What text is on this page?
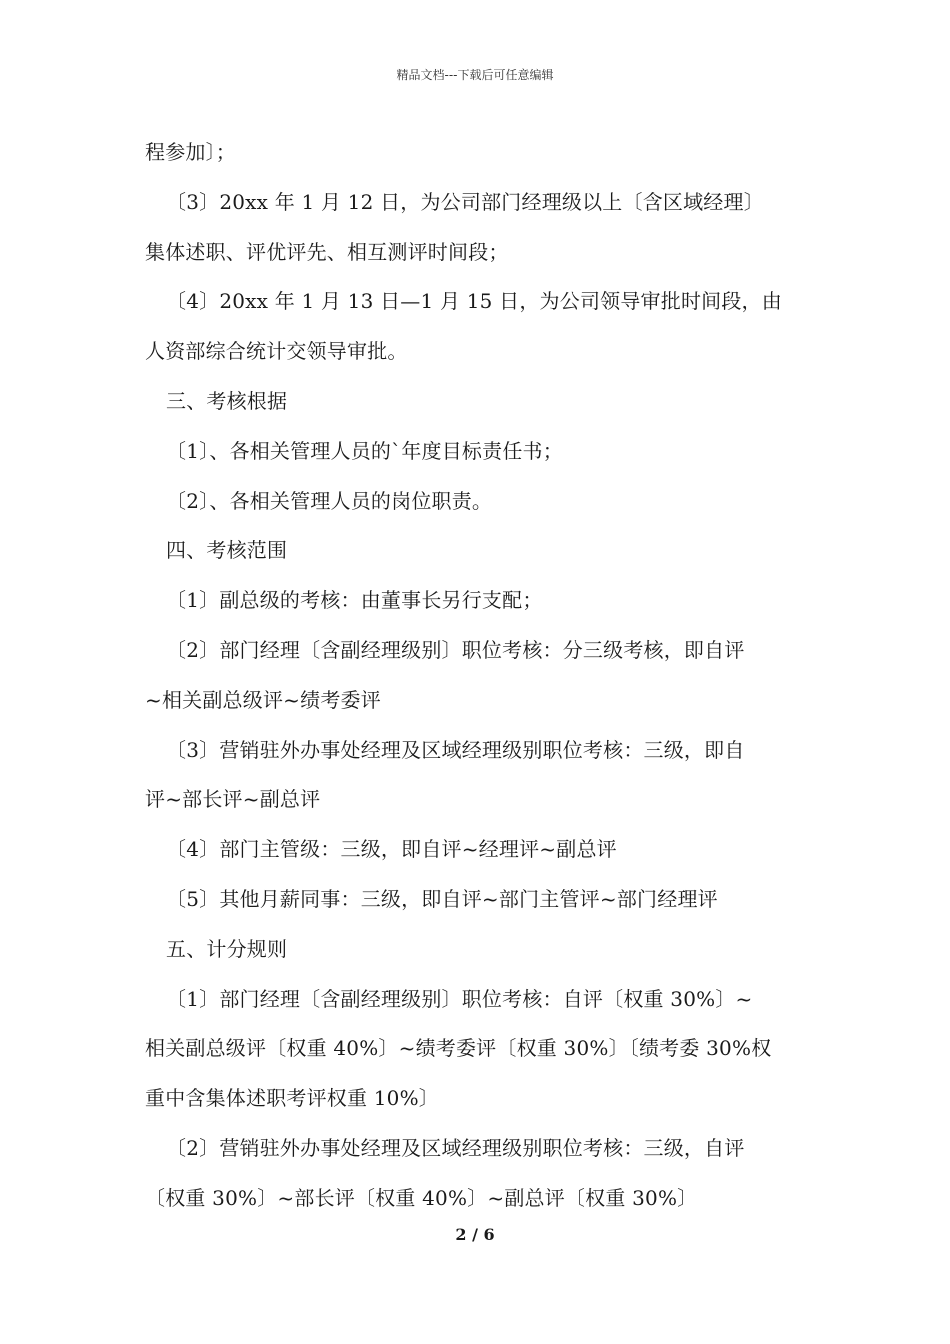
精品文档---下载后可任意编辑
程参加〕；
〔3〕20xx 年 1 月 12 日，为公司部门经理级以上〔含区域经理〕
集体述职、评优评先、相互测评时间段；
〔4〕20xx 年 1 月 13 日—1 月 15 日，为公司领导审批时间段，由
人资部综合统计交领导审批。
三、考核根据
〔1〕、各相关管理人员的`年度目标责任书；
〔2〕、各相关管理人员的岗位职责。
四、考核范围
〔1〕副总级的考核：由董事长另行支配；
〔2〕部门经理〔含副经理级别〕职位考核：分三级考核，即自评
~相关副总级评~绩考委评
〔3〕营销驻外办事处经理及区域经理级别职位考核：三级，即自
评~部长评~副总评
〔4〕部门主管级：三级，即自评~经理评~副总评
〔5〕其他月薪同事：三级，即自评~部门主管评~部门经理评
五、计分规则
〔1〕部门经理〔含副经理级别〕职位考核：自评〔权重 30%〕~
相关副总级评〔权重 40%〕~绩考委评〔权重 30%〕〔绩考委 30%权
重中含集体述职考评权重 10%〕
〔2〕营销驻外办事处经理及区域经理级别职位考核：三级，自评
〔权重 30%〕~部长评〔权重 40%〕~副总评〔权重 30%〕
2 / 6
